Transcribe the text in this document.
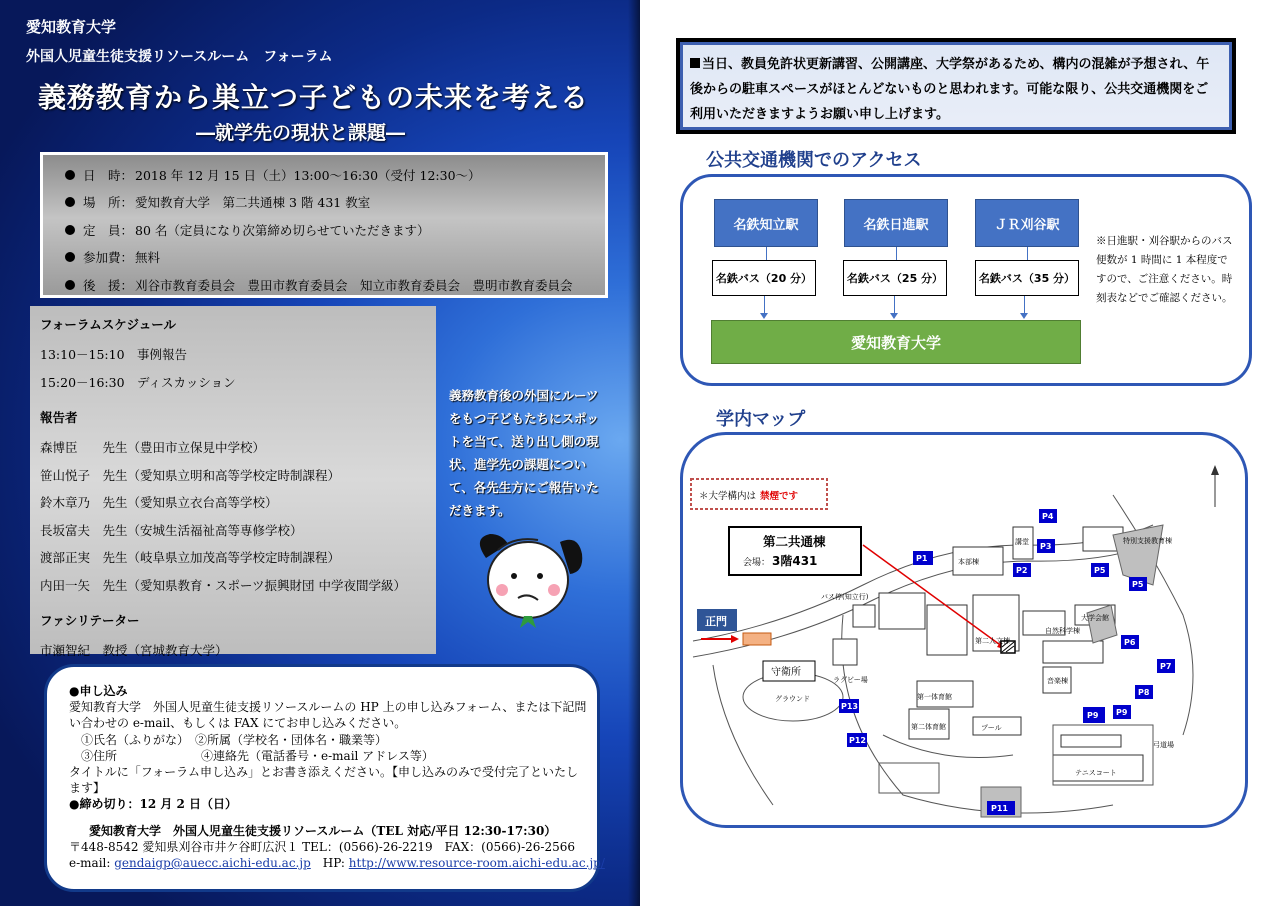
愛知教育大学
外国人児童生徒支援リソースルーム　フォーラム
義務教育から巣立つ子どもの未来を考える
―就学先の現状と課題―
日　時： 2018 年 12 月 15 日（土）13:00〜16:30（受付 12:30〜）
場　所： 愛知教育大学　第二共通棟 3 階 431 教室
定　員： 80 名（定員になり次第締め切らせていただきます）
参加費： 無料
後　援： 刈谷市教育委員会　豊田市教育委員会　知立市教育委員会　豊明市教育委員会
フォーラムスケジュール
13:10－15:10　事例報告
15:20－16:30　ディスカッション
報告者
森博臣　　先生（豊田市立保見中学校）
笹山悦子　先生（愛知県立明和高等学校定時制課程）
鈴木章乃　先生（愛知県立衣台高等学校）
長坂富夫　先生（安城生活福祉高等専修学校）
渡部正実　先生（岐阜県立加茂高等学校定時制課程）
内田一矢　先生（愛知県教育・スポーツ振興財団 中学夜間学級）
ファシリテーター
市瀬智紀　教授（宮城教育大学）
義務教育後の外国にルーツをもつ子どもたちにスポットを当て、送り出し側の現状、進学先の課題について、各先生方にご報告いただきます。
●申し込み
愛知教育大学　外国人児童生徒支援リソースルームの HP 上の申し込みフォーム、または下記問い合わせの e-mail、もしくは FAX にてお申し込みください。
①氏名（ふりがな）　②所属（学校名・団体名・職業等）
③住所　　　　　　　④連絡先（電話番号・e-mail アドレス等）
タイトルに「フォーラム申し込み」とお書き添えください。【申し込みのみで受付完了といたします】
●締め切り：12 月 2 日（日）
愛知教育大学　外国人児童生徒支援リソースルーム（TEL 対応/平日 12:30-17:30）
〒448-8542 愛知県刈谷市井ケ谷町広沢１ TEL：(0566)-26-2219　FAX：(0566)-26-2566
e-mail: gendaigp@auecc.aichi-edu.ac.jp　HP: http://www.resource-room.aichi-edu.ac.jp/
当日、教員免許状更新講習、公開講座、大学祭があるため、構内の混雑が予想され、午後からの駐車スペースがほとんどないものと思われます。可能な限り、公共交通機関をご利用いただきますようお願い申し上げます。
公共交通機関でのアクセス
名鉄知立駅	名鉄日進駅	ＪＲ刈谷駅
名鉄バス（20 分）	名鉄バス（25 分）	名鉄バス（35 分）
愛知教育大学
※日進駅・刈谷駅からのバス便数が 1 時間に 1 本程度ですので、ご注意ください。時刻表などでご確認ください。
学内マップ
＊大学構内は 禁煙です
第二共通棟
会場： 3階431
正門
守衛所
バス停(知立行)
本部棟
講堂
第二人文棟
自然科学棟
音楽棟
第一体育館
第二体育館
グラウンド
プール
ラグビー場
大学会館
特別支援教育棟
弓道場
テニスコート
P1
P2
P3
P4
P5
P5
P6
P7
P8
P9 P9
P11
P12
P13
